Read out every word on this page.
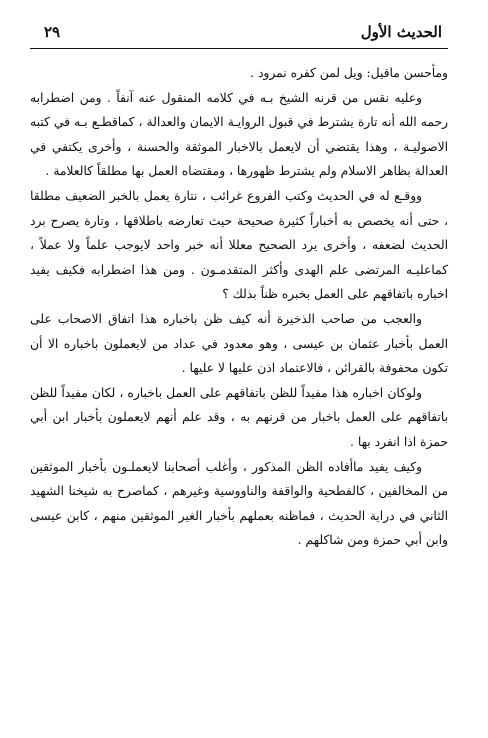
الحديث الأول
٢٩

ومأحسن ماقيل: ويل لمن كفره نمرود .

وعليه نقس من قرنه الشيخ بـه في كلامه المنقول عنه آنفاً . ومن اضطرابه رحمه الله أنه تارة يشترط في قبول الروايـة الايمان والعدالة ، كماقطـع بـه في كتبه الاصوليـة ، وهذا يقتضي أن لايعمل بالاخبار الموثقة والحسنة ، وأخرى يكتفي في العدالة بظاهر الاسلام ولم يشترط ظهورها ، ومقتضاه العمل بها مطلقاً كالعلامة .

ووقـع له في الحديث وكتب الفروع غرائب ، نتارة يعمل بالخبر الضعيف مطلقا ، حتى أنه يخصص به أخباراً كثيرة صحيحة حيث تعارضه باطلاقها ، وتارة يصرح برد الحديث لضعفه ، وأخرى يرد الصحيح معللا أنه خبر واحد لايوجب علماً ولا عملاً ، كماعليـه المرتضى علم الهدى وأكثر المتقدمـون . ومن هذا اضطرابه فكيف يفيد اخباره باتفاقهم على العمل بخبره ظناً بذلك ؟

والعجب من صاحب الذخيرة أنه كيف ظن باخباره هذا اتفاق الاصحاب على العمل بأخبار عثمان بن عيسى ، وهو معدود في عداد من لايعملون باخباره الا أن تكون محفوفة بالقرائن ، فالاعتماد اذن عليها لا عليها .

ولوكان اخباره هذا مفيداً للظن باتفاقهم على العمل باخباره ، لكان مفيداً للظن باتفاقهم على العمل باخبار من قرنهم به ، وقد علم أنهم لايعملون بأخبار ابن أبي حمزة اذا انفرد بها .

وكيف يفيد ماأفاده الظن المذكور ، وأغلب أصحابنا لايعملـون بأخبار الموثقين من المخالفين ، كالفطحية والواقفة والناووسية وغيرهم ، كماصرح به شيخنا الشهيد الثاني في دراية الحديث ، فماظنه بعملهم بأخبار الغير الموثقين منهم ، كابن عيسى وابن أبي حمزة ومن شاكلهم .
